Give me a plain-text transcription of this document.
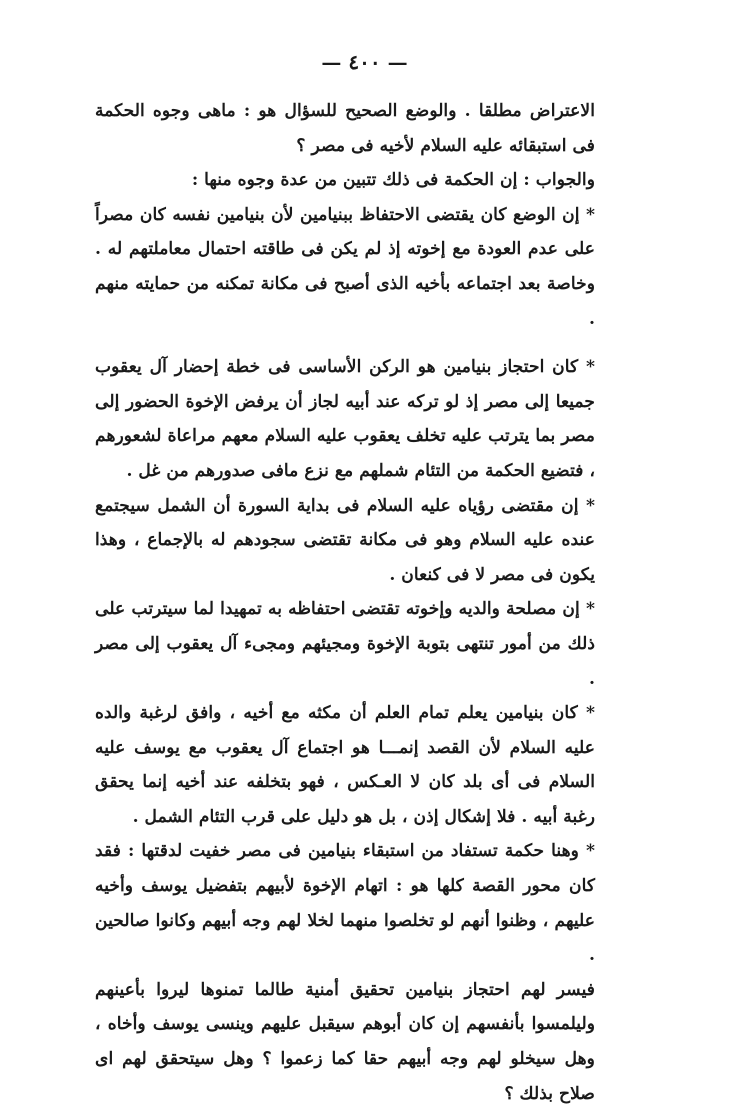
— ٤٠٠ —

الاعتراض مطلقا . والوضع الصحيح للسؤال هو : ماهى وجوه الحكمة فى استبقائه عليه السلام لأخيه فى مصر ؟

والجواب : إن الحكمة فى ذلك تتبين من عدة وجوه منها :

* إن الوضع كان يقتضى الاحتفاظ ببنيامين لأن بنيامين نفسه كان مصراً على عدم العودة مع إخوته إذ لم يكن فى طاقته احتمال معاملتهم له . وخاصة بعد اجتماعه بأخيه الذى أصبح فى مكانة تمكنه من حمايته منهم .

* كان احتجاز بنيامين هو الركن الأساسى فى خطة إحضار آل يعقوب جميعا إلى مصر إذ لو تركه عند أبيه لجاز أن يرفض الإخوة الحضور إلى مصر بما يترتب عليه تخلف يعقوب عليه السلام معهم مراعاة لشعورهم ، فتضيع الحكمة من التئام شملهم مع نزع مافى صدورهم من غل .

* إن مقتضى رؤياه عليه السلام فى بداية السورة أن الشمل سيجتمع عنده عليه السلام وهو فى مكانة تقتضى سجودهم له بالإجماع ، وهذا يكون فى مصر لا فى كنعان .

* إن مصلحة والديه وإخوته تقتضى احتفاظه به تمهيدا لما سيترتب على ذلك من أمور تنتهى بتوبة الإخوة ومجيئهم ومجىء آل يعقوب إلى مصر .

* كان بنيامين يعلم تمام العلم أن مكثه مع أخيه ، وافق لرغبة والده عليه السلام لأن القصد إنمـــا هو اجتماع آل يعقوب مع يوسف عليه السلام فى أى بلد كان لا العـكس ، فهو بتخلفه عند أخيه إنما يحقق رغبة أبيه . فلا إشكال إذن ، بل هو دليل على قرب التئام الشمل .

* وهنا حكمة تستفاد من استبقاء بنيامين فى مصر خفيت لدقتها : فقد كان محور القصة كلها هو : اتهام الإخوة لأبيهم بتفضيل يوسف وأخيه عليهم ، وظنوا أنهم لو تخلصوا منهما لخلا لهم وجه أبيهم وكانوا صالحين .

فيسر لهم احتجاز بنيامين تحقيق أمنية طالما تمنوها ليروا بأعينهم وليلمسوا بأنفسهم إن كان أبوهم سيقبل عليهم وينسى يوسف وأخاه ، وهل سيخلو لهم وجه أبيهم حقا كما زعموا ؟ وهل سيتحقق لهم اى صلاح بذلك ؟
